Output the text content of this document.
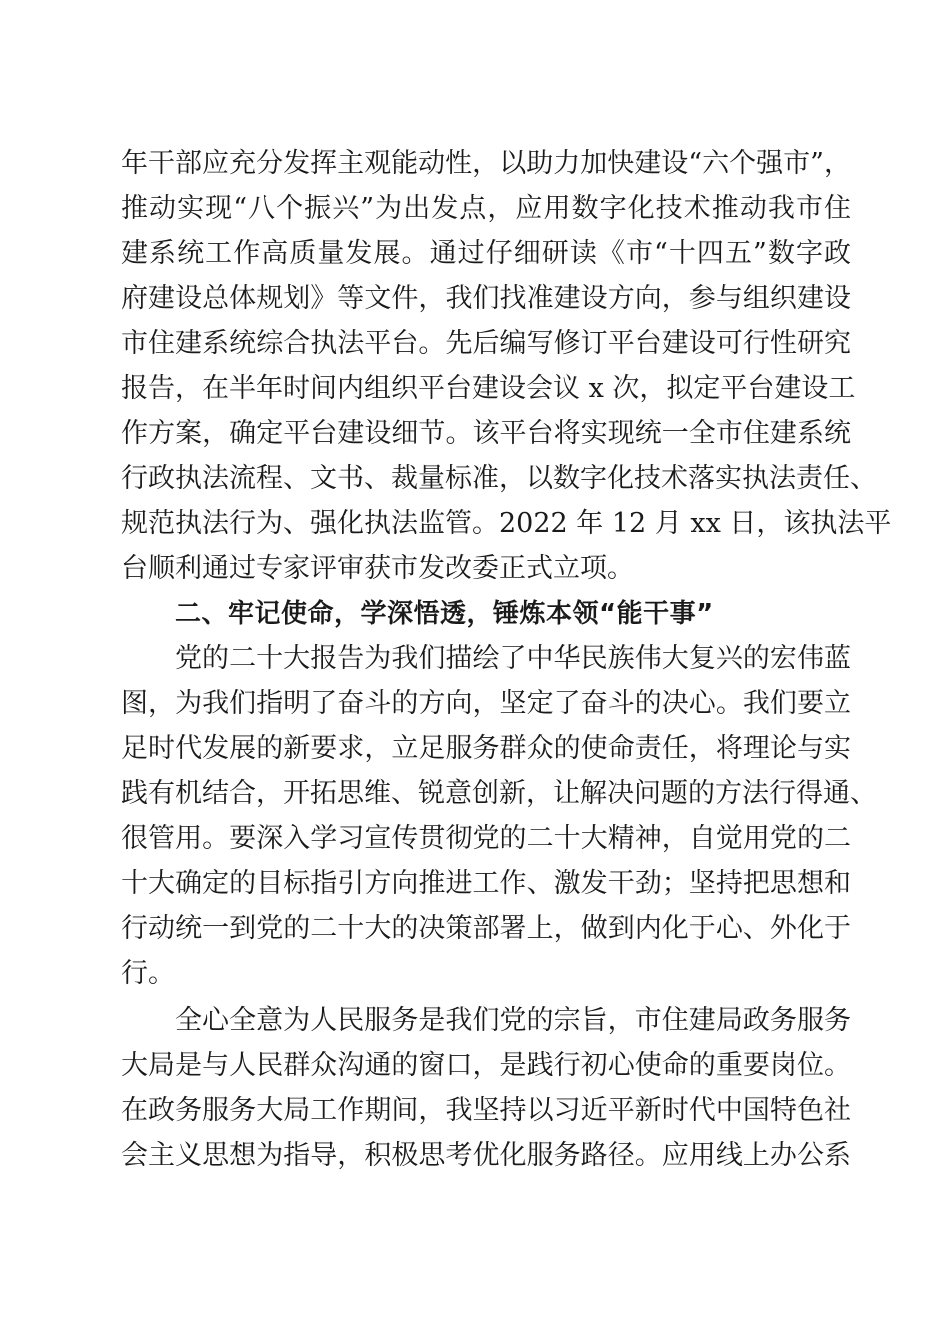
年干部应充分发挥主观能动性，以助力加快建设“六个强市”，
推动实现“八个振兴”为出发点，应用数字化技术推动我市住
建系统工作高质量发展。通过仔细研读《市“十四五”数字政
府建设总体规划》等文件，我们找准建设方向，参与组织建设
市住建系统综合执法平台。先后编写修订平台建设可行性研究
报告，在半年时间内组织平台建设会议 x 次，拟定平台建设工
作方案，确定平台建设细节。该平台将实现统一全市住建系统
行政执法流程、文书、裁量标准，以数字化技术落实执法责任、
规范执法行为、强化执法监管。2022 年 12 月 xx 日，该执法平
台顺利通过专家评审获市发改委正式立项。
二、牢记使命，学深悟透，锤炼本领“能干事”
党的二十大报告为我们描绘了中华民族伟大复兴的宏伟蓝
图，为我们指明了奋斗的方向，坚定了奋斗的决心。我们要立
足时代发展的新要求，立足服务群众的使命责任，将理论与实
践有机结合，开拓思维、锐意创新，让解决问题的方法行得通、
很管用。要深入学习宣传贯彻党的二十大精神，自觉用党的二
十大确定的目标指引方向推进工作、激发干劲；坚持把思想和
行动统一到党的二十大的决策部署上，做到内化于心、外化于
行。
全心全意为人民服务是我们党的宗旨，市住建局政务服务
大局是与人民群众沟通的窗口，是践行初心使命的重要岗位。
在政务服务大局工作期间，我坚持以习近平新时代中国特色社
会主义思想为指导，积极思考优化服务路径。应用线上办公系
